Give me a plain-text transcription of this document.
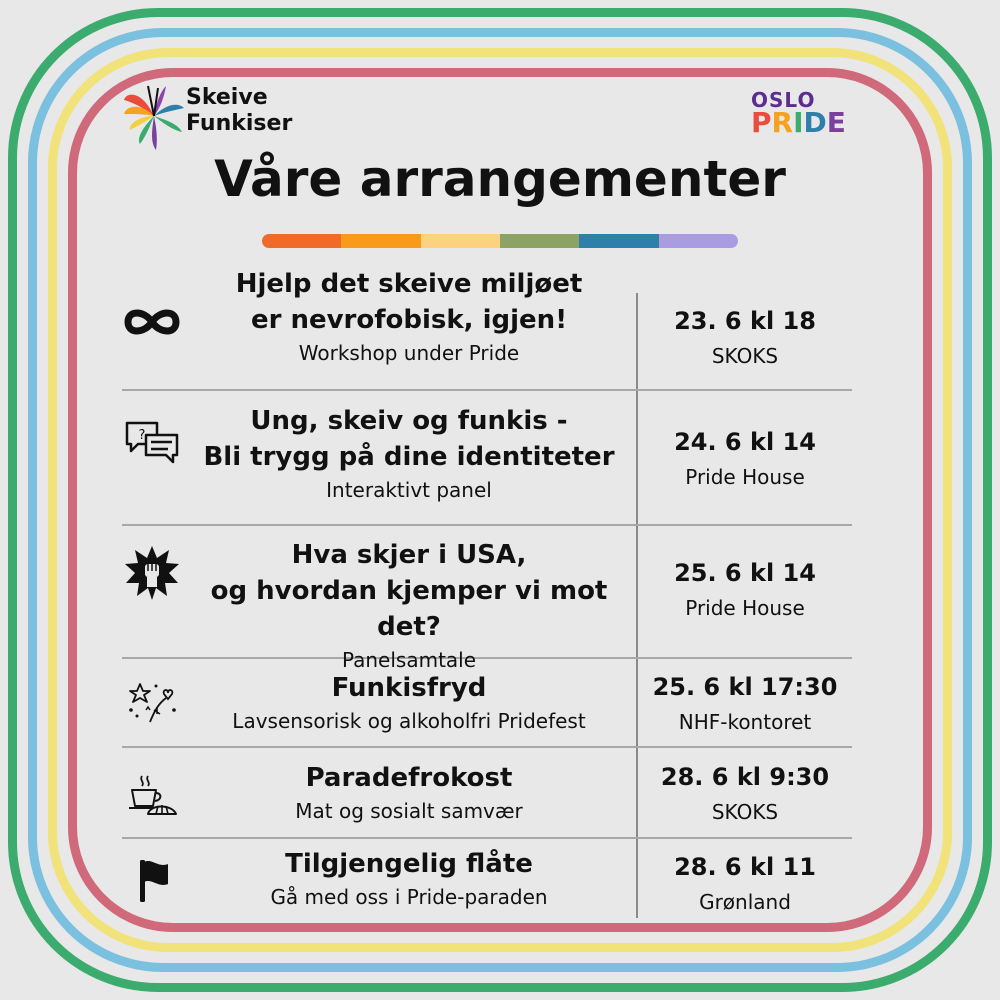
Skeive
Funkiser
OSLO
PRIDE
Våre arrangementer
Hjelp det skeive miljøet
er nevrofobisk, igjen!
Workshop under Pride
23. 6 kl 18
SKOKS
?	Ung, skeiv og funkis -
Bli trygg på dine identiteter
Interaktivt panel
24. 6 kl 14
Pride House
Hva skjer i USA,
og hvordan kjemper vi mot det?
Panelsamtale
25. 6 kl 14
Pride House
Funkisfryd
Lavsensorisk og alkoholfri Pridefest
25. 6 kl 17:30
NHF-kontoret
Paradefrokost
Mat og sosialt samvær
28. 6 kl 9:30
SKOKS
Tilgjengelig flåte
Gå med oss i Pride-paraden
28. 6 kl 11
Grønland
